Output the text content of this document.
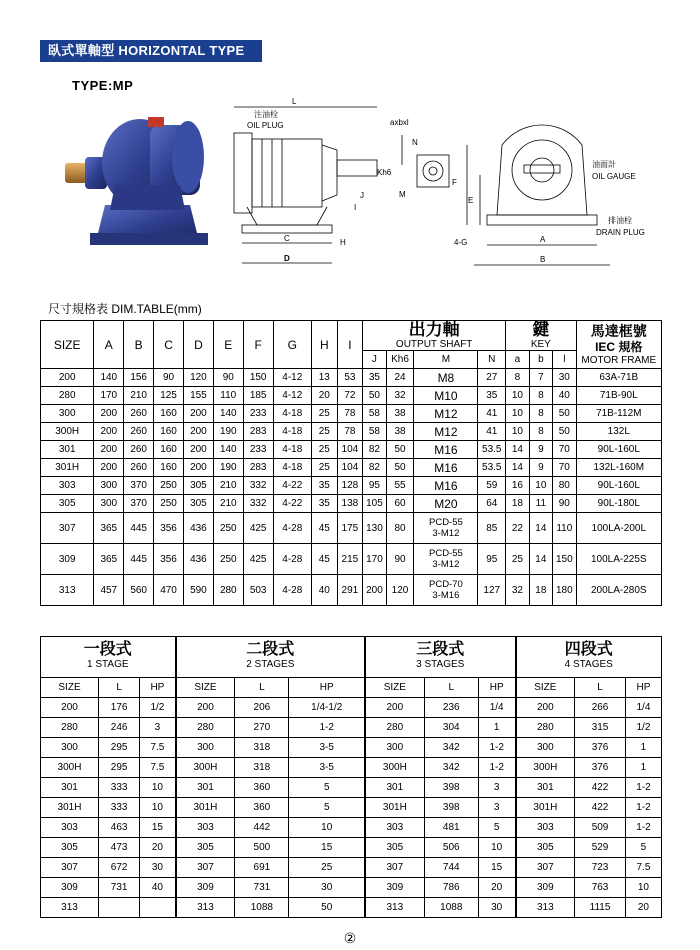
臥式單軸型 HORIZONTAL TYPE
TYPE:MP
L
注油栓
OIL PLUG	axbxl
N
Kh6
M
J
I
H
C
D
F
E
4-G	A
B
油面計
OIL GAUGE
排油栓
DRAIN PLUG
尺寸規格表 DIM.TABLE(mm)
SIZE	A	B	C	D	E	F	G	H	I	出力軸
OUTPUT SHAFT				鍵
KEY			馬達框號
IEC 規格
MOTOR FRAME
										J	Kh6	M	N	a	b	l	
200	140	156	90	120	90	150	4-12	13	53	35	24	M8	27	8	7	30	63A-71B
280	170	210	125	155	110	185	4-12	20	72	50	32	M10	35	10	8	40	71B-90L
300	200	260	160	200	140	233	4-18	25	78	58	38	M12	41	10	8	50	71B-112M
300H	200	260	160	200	190	283	4-18	25	78	58	38	M12	41	10	8	50	132L
301	200	260	160	200	140	233	4-18	25	104	82	50	M16	53.5	14	9	70	90L-160L
301H	200	260	160	200	190	283	4-18	25	104	82	50	M16	53.5	14	9	70	132L-160M
303	300	370	250	305	210	332	4-22	35	128	95	55	M16	59	16	10	80	90L-160L
305	300	370	250	305	210	332	4-22	35	138	105	60	M20	64	18	11	90	90L-180L
307	365	445	356	436	250	425	4-28	45	175	130	80	PCD-55
3-M12	85	22	14	110	100LA-200L
309	365	445	356	436	250	425	4-28	45	215	170	90	PCD-55
3-M12	95	25	14	150	100LA-225S
313	457	560	470	590	280	503	4-28	40	291	200	120	PCD-70
3-M16	127	32	18	180	200LA-280S
一段式
1 STAGE			二段式
2 STAGES			三段式
3 STAGES			四段式
4 STAGES		

SIZE	L	HP	SIZE	L	HP	SIZE	L	HP	SIZE	L	HP
200	176	1/2	200	206	1/4-1/2	200	236	1/4	200	266	1/4
280	246	3	280	270	1-2	280	304	1	280	315	1/2
300	295	7.5	300	318	3-5	300	342	1-2	300	376	1
300H	295	7.5	300H	318	3-5	300H	342	1-2	300H	376	1
301	333	10	301	360	5	301	398	3	301	422	1-2
301H	333	10	301H	360	5	301H	398	3	301H	422	1-2
303	463	15	303	442	10	303	481	5	303	509	1-2
305	473	20	305	500	15	305	506	10	305	529	5
307	672	30	307	691	25	307	744	15	307	723	7.5
309	731	40	309	731	30	309	786	20	309	763	10
313			313	1088	50	313	1088	30	313	1115	20
②
